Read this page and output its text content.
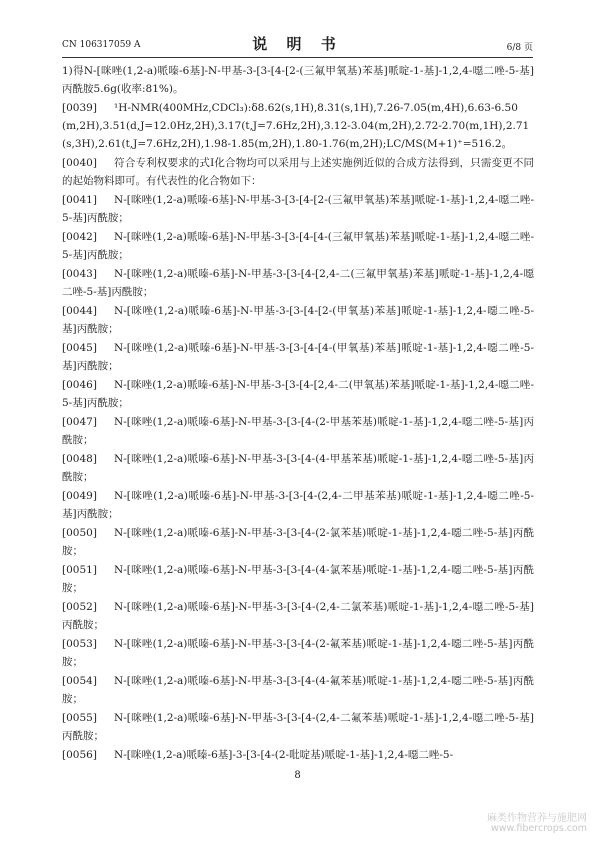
CN 106317059 A	说 明 书	6/8 页
1)得N-[咪唑(1,2-a)哌嗪-6基]-N-甲基-3-[3-[4-[2-(三氟甲氧基)苯基]哌啶-1-基]-1,2,4-噁二唑-5-基]丙酰胺5.6g(收率:81%)。
[0039] ¹H-NMR(400MHz,CDCl₃):δ8.62(s,1H),8.31(s,1H),7.26-7.05(m,4H),6.63-6.50(m,2H),3.51(d,J=12.0Hz,2H),3.17(t,J=7.6Hz,2H),3.12-3.04(m,2H),2.72-2.70(m,1H),2.71(s,3H),2.61(t,J=7.6Hz,2H),1.98-1.85(m,2H),1.80-1.76(m,2H);LC/MS(M+1)⁺=516.2。
[0040] 符合专利权要求的式I化合物均可以采用与上述实施例近似的合成方法得到，只需变更不同的起始物料即可。有代表性的化合物如下：
[0041] N-[咪唑(1,2-a)哌嗪-6基]-N-甲基-3-[3-[4-[2-(三氟甲氧基)苯基]哌啶-1-基]-1,2,4-噁二唑-5-基]丙酰胺；
[0042] N-[咪唑(1,2-a)哌嗪-6基]-N-甲基-3-[3-[4-[4-(三氟甲氧基)苯基]哌啶-1-基]-1,2,4-噁二唑-5-基]丙酰胺；
[0043] N-[咪唑(1,2-a)哌嗪-6基]-N-甲基-3-[3-[4-[2,4-二(三氟甲氧基)苯基]哌啶-1-基]-1,2,4-噁二唑-5-基]丙酰胺；
[0044] N-[咪唑(1,2-a)哌嗪-6基]-N-甲基-3-[3-[4-[2-(甲氧基)苯基]哌啶-1-基]-1,2,4-噁二唑-5-基]丙酰胺；
[0045] N-[咪唑(1,2-a)哌嗪-6基]-N-甲基-3-[3-[4-[4-(甲氧基)苯基]哌啶-1-基]-1,2,4-噁二唑-5-基]丙酰胺；
[0046] N-[咪唑(1,2-a)哌嗪-6基]-N-甲基-3-[3-[4-[2,4-二(甲氧基)苯基]哌啶-1-基]-1,2,4-噁二唑-5-基]丙酰胺；
[0047] N-[咪唑(1,2-a)哌嗪-6基]-N-甲基-3-[3-[4-(2-甲基苯基)哌啶-1-基]-1,2,4-噁二唑-5-基]丙酰胺；
[0048] N-[咪唑(1,2-a)哌嗪-6基]-N-甲基-3-[3-[4-(4-甲基苯基)哌啶-1-基]-1,2,4-噁二唑-5-基]丙酰胺；
[0049] N-[咪唑(1,2-a)哌嗪-6基]-N-甲基-3-[3-[4-(2,4-二甲基苯基)哌啶-1-基]-1,2,4-噁二唑-5-基]丙酰胺；
[0050] N-[咪唑(1,2-a)哌嗪-6基]-N-甲基-3-[3-[4-(2-氯苯基)哌啶-1-基]-1,2,4-噁二唑-5-基]丙酰胺；
[0051] N-[咪唑(1,2-a)哌嗪-6基]-N-甲基-3-[3-[4-(4-氯苯基)哌啶-1-基]-1,2,4-噁二唑-5-基]丙酰胺；
[0052] N-[咪唑(1,2-a)哌嗪-6基]-N-甲基-3-[3-[4-(2,4-二氯苯基)哌啶-1-基]-1,2,4-噁二唑-5-基]丙酰胺；
[0053] N-[咪唑(1,2-a)哌嗪-6基]-N-甲基-3-[3-[4-(2-氟苯基)哌啶-1-基]-1,2,4-噁二唑-5-基]丙酰胺；
[0054] N-[咪唑(1,2-a)哌嗪-6基]-N-甲基-3-[3-[4-(4-氟苯基)哌啶-1-基]-1,2,4-噁二唑-5-基]丙酰胺；
[0055] N-[咪唑(1,2-a)哌嗪-6基]-N-甲基-3-[3-[4-(2,4-二氟苯基)哌啶-1-基]-1,2,4-噁二唑-5-基]丙酰胺；
[0056] N-[咪唑(1,2-a)哌嗪-6基]-3-[3-[4-(2-吡啶基)哌啶-1-基]-1,2,4-噁二唑-5-
8
麻类作物营养与施肥网
www.fibercrops.com
